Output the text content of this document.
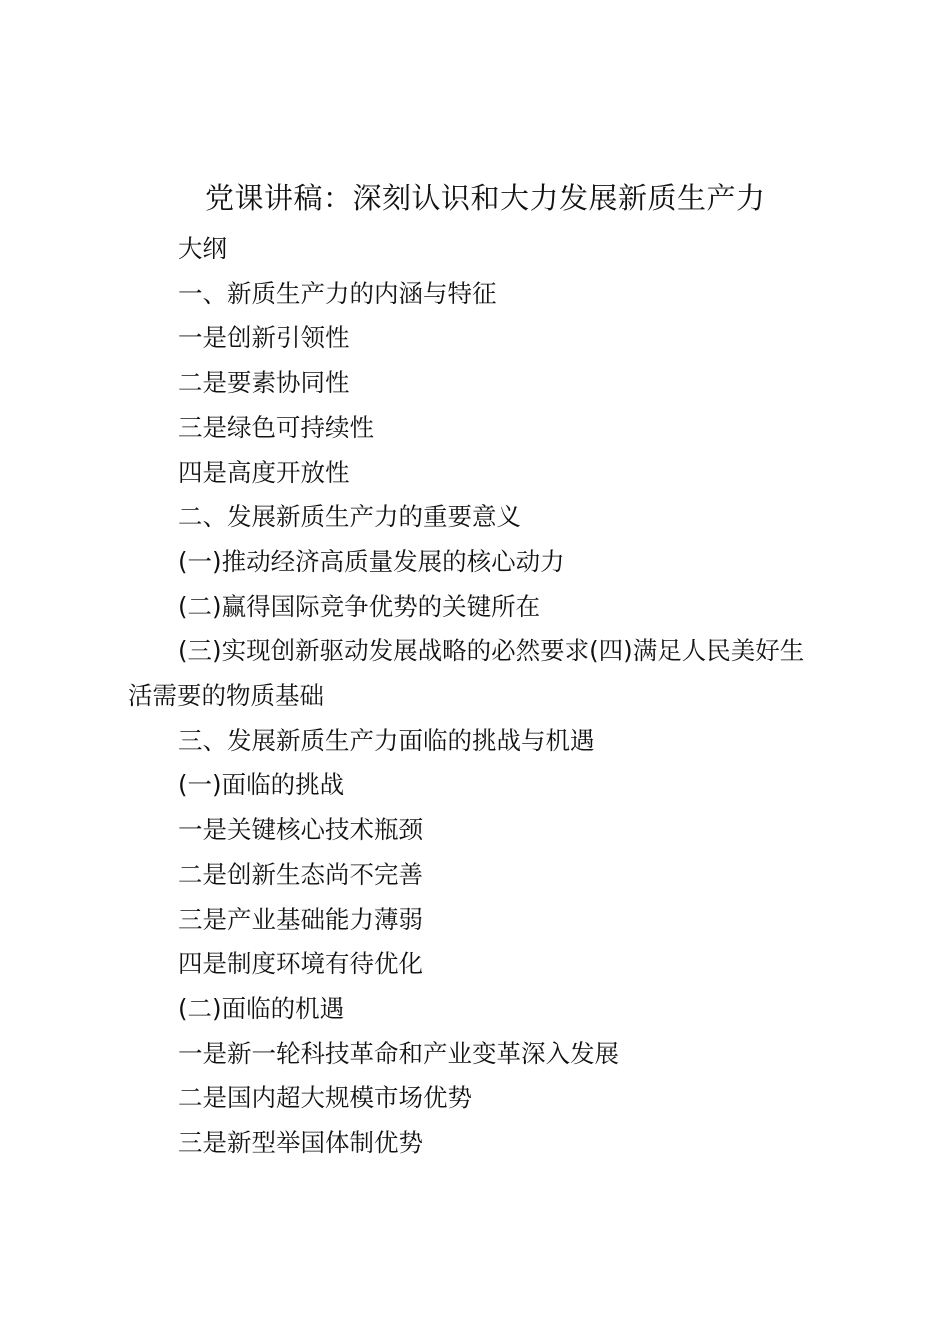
党课讲稿：深刻认识和大力发展新质生产力
大纲
一、新质生产力的内涵与特征
一是创新引领性
二是要素协同性
三是绿色可持续性
四是高度开放性
二、发展新质生产力的重要意义
(一)推动经济高质量发展的核心动力
(二)赢得国际竞争优势的关键所在
(三)实现创新驱动发展战略的必然要求(四)满足人民美好生活需要的物质基础
三、发展新质生产力面临的挑战与机遇
(一)面临的挑战
一是关键核心技术瓶颈
二是创新生态尚不完善
三是产业基础能力薄弱
四是制度环境有待优化
(二)面临的机遇
一是新一轮科技革命和产业变革深入发展
二是国内超大规模市场优势
三是新型举国体制优势
